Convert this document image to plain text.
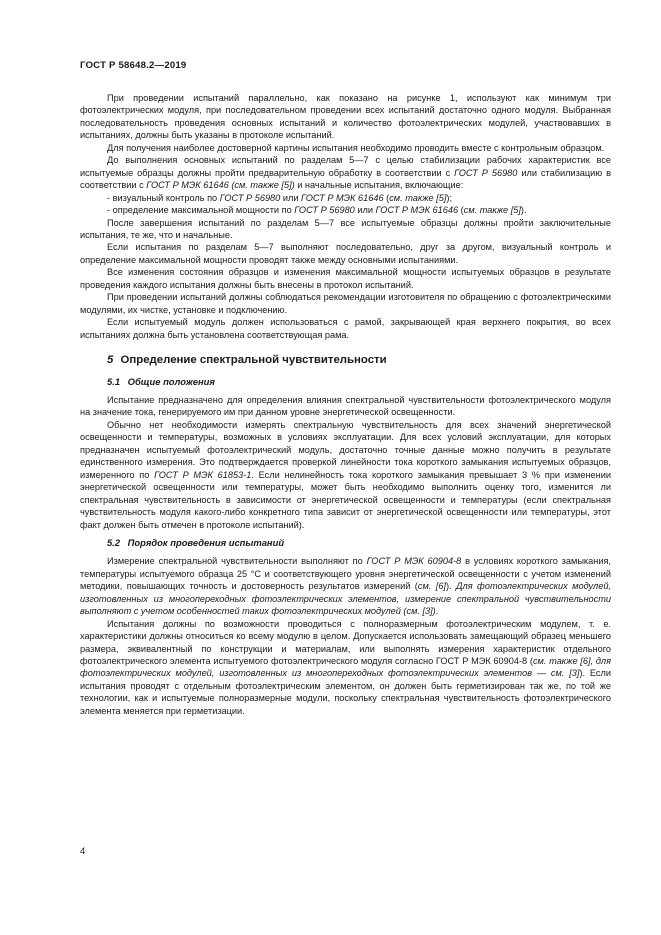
ГОСТ Р 58648.2—2019

При проведении испытаний параллельно, как показано на рисунке 1, используют как минимум три фотоэлектрических модуля, при последовательном проведении всех испытаний достаточно одного модуля. Выбранная последовательность проведения основных испытаний и количество фотоэлектрических модулей, участвовавших в испытаниях, должны быть указаны в протоколе испытаний.

Для получения наиболее достоверной картины испытания необходимо проводить вместе с контрольным образцом.

До выполнения основных испытаний по разделам 5—7 с целью стабилизации рабочих характеристик все испытуемые образцы должны пройти предварительную обработку в соответствии с ГОСТ Р 56980 или стабилизацию в соответствии с ГОСТ Р МЭК 61646 (см. также [5]) и начальные испытания, включающие:

- визуальный контроль по ГОСТ Р 56980 или ГОСТ Р МЭК 61646 (см. также [5]);

- определение максимальной мощности по ГОСТ Р 56980 или ГОСТ Р МЭК 61646 (см. также [5]).

После завершения испытаний по разделам 5—7 все испытуемые образцы должны пройти заключительные испытания, те же, что и начальные.

Если испытания по разделам 5—7 выполняют последовательно, друг за другом, визуальный контроль и определение максимальной мощности проводят также между основными испытаниями.

Все изменения состояния образцов и изменения максимальной мощности испытуемых образцов в результате проведения каждого испытания должны быть внесены в протокол испытаний.

При проведении испытаний должны соблюдаться рекомендации изготовителя по обращению с фотоэлектрическими модулями, их чистке, установке и подключению.

Если испытуемый модуль должен использоваться с рамой, закрывающей края верхнего покрытия, во всех испытаниях должна быть установлена соответствующая рама.

5 Определение спектральной чувствительности
5.1 Общие положения

Испытание предназначено для определения влияния спектральной чувствительности фотоэлектрического модуля на значение тока, генерируемого им при данном уровне энергетической освещенности.

Обычно нет необходимости измерять спектральную чувствительность для всех значений энергетической освещенности и температуры, возможных в условиях эксплуатации. Для всех условий эксплуатации, для которых предназначен испытуемый фотоэлектрический модуль, достаточно точные данные можно получить в результате единственного измерения. Это подтверждается проверкой линейности тока короткого замыкания испытуемых образцов, измеренного по ГОСТ Р МЭК 61853-1. Если нелинейность тока короткого замыкания превышает 3 % при изменении энергетической освещенности или температуры, может быть необходимо выполнить оценку того, изменится ли спектральная чувствительность в зависимости от энергетической освещенности и температуры (если спектральная чувствительность модуля какого-либо конкретного типа зависит от энергетической освещенности или температуры, этот факт должен быть отмечен в протоколе испытаний).

5.2 Порядок проведения испытаний

Измерение спектральной чувствительности выполняют по ГОСТ Р МЭК 60904-8 в условиях короткого замыкания, температуры испытуемого образца 25 °C и соответствующего уровня энергетической освещенности с учетом изменений методики, повышающих точность и достоверность результатов измерений (см. [6]). Для фотоэлектрических модулей, изготовленных из многопереходных фотоэлектрических элементов, измерение спектральной чувствительности выполняют с учетом особенностей таких фотоэлектрических модулей (см. [3]).

Испытания должны по возможности проводиться с полноразмерным фотоэлектрическим модулем, т. е. характеристики должны относиться ко всему модулю в целом. Допускается использовать замещающий образец меньшего размера, эквивалентный по конструкции и материалам, или выполнять измерения характеристик отдельного фотоэлектрического элемента испытуемого фотоэлектрического модуля согласно ГОСТ Р МЭК 60904-8 (см. также [6], для фотоэлектрических модулей, изготовленных из многопереходных фотоэлектрических элементов — см. [3]). Если испытания проводят с отдельным фотоэлектрическим элементом, он должен быть герметизирован так же, по той же технологии, как и испытуемые полноразмерные модули, поскольку спектральная чувствительность фотоэлектрического элемента меняется при герметизации.

4
